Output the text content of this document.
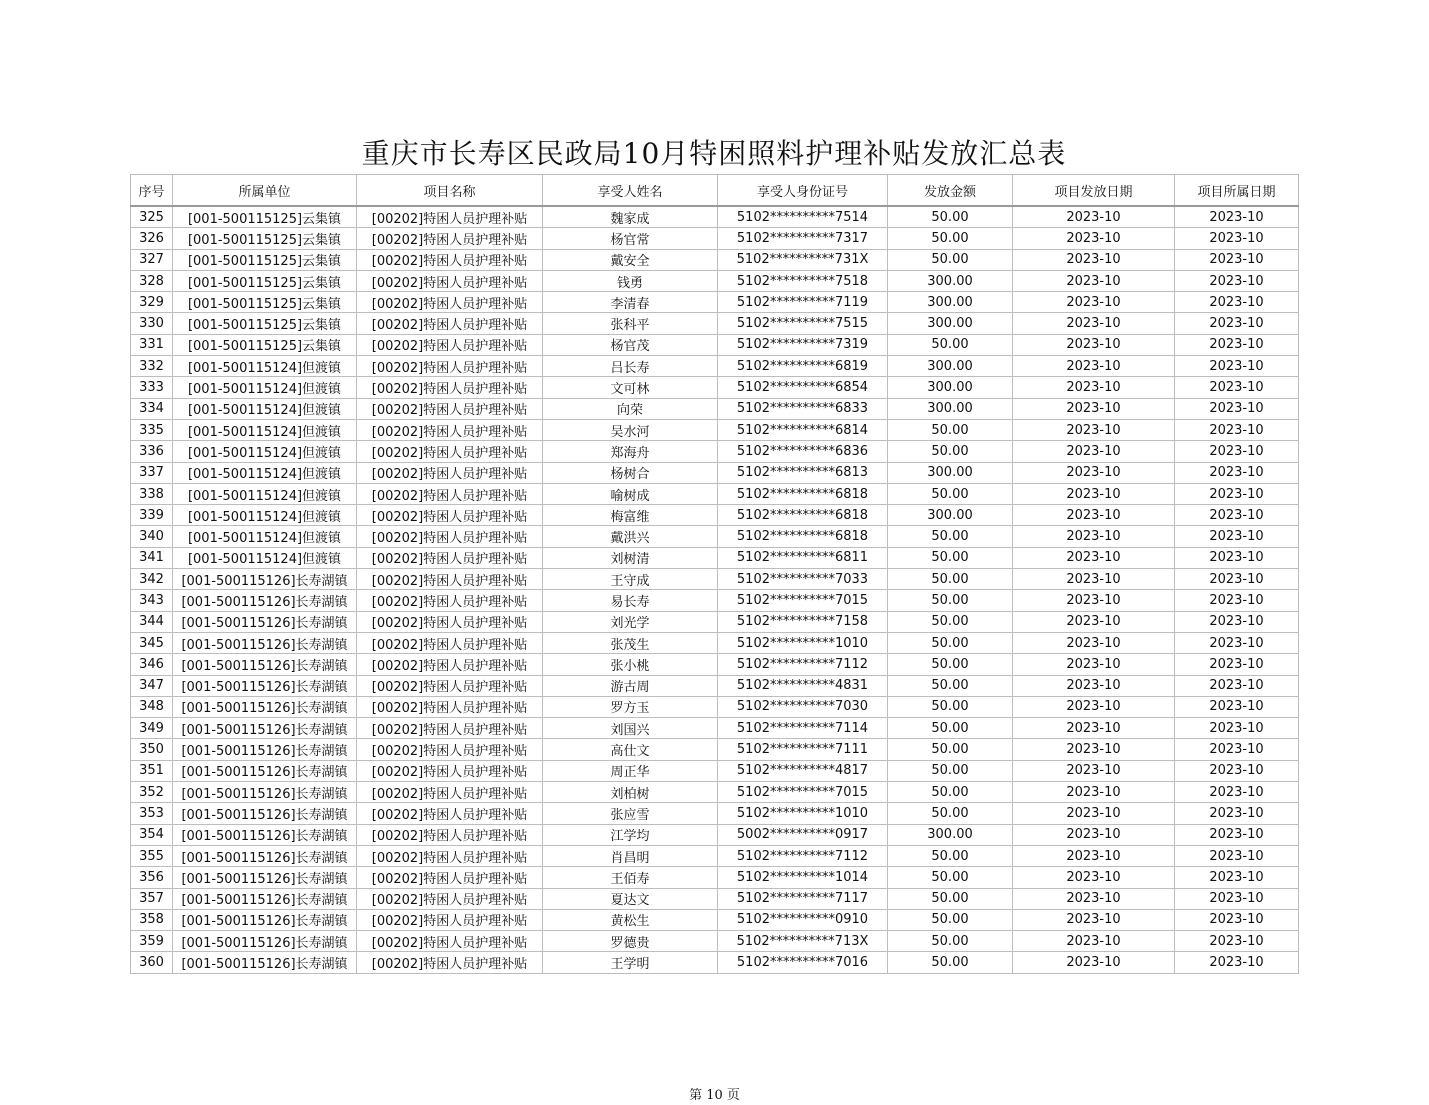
重庆市长寿区民政局10月特困照料护理补贴发放汇总表
序号	所属单位	项目名称	享受人姓名	享受人身份证号	发放金额	项目发放日期	项目所属日期
325	[001-500115125]云集镇	[00202]特困人员护理补贴	魏家成	5102**********7514	50.00	2023-10	2023-10
326	[001-500115125]云集镇	[00202]特困人员护理补贴	杨官常	5102**********7317	50.00	2023-10	2023-10
327	[001-500115125]云集镇	[00202]特困人员护理补贴	戴安全	5102**********731X	50.00	2023-10	2023-10
328	[001-500115125]云集镇	[00202]特困人员护理补贴	钱勇	5102**********7518	300.00	2023-10	2023-10
329	[001-500115125]云集镇	[00202]特困人员护理补贴	李清春	5102**********7119	300.00	2023-10	2023-10
330	[001-500115125]云集镇	[00202]特困人员护理补贴	张科平	5102**********7515	300.00	2023-10	2023-10
331	[001-500115125]云集镇	[00202]特困人员护理补贴	杨官茂	5102**********7319	50.00	2023-10	2023-10
332	[001-500115124]但渡镇	[00202]特困人员护理补贴	吕长寿	5102**********6819	300.00	2023-10	2023-10
333	[001-500115124]但渡镇	[00202]特困人员护理补贴	文可林	5102**********6854	300.00	2023-10	2023-10
334	[001-500115124]但渡镇	[00202]特困人员护理补贴	向荣	5102**********6833	300.00	2023-10	2023-10
335	[001-500115124]但渡镇	[00202]特困人员护理补贴	吴水河	5102**********6814	50.00	2023-10	2023-10
336	[001-500115124]但渡镇	[00202]特困人员护理补贴	郑海舟	5102**********6836	50.00	2023-10	2023-10
337	[001-500115124]但渡镇	[00202]特困人员护理补贴	杨树合	5102**********6813	300.00	2023-10	2023-10
338	[001-500115124]但渡镇	[00202]特困人员护理补贴	喻树成	5102**********6818	50.00	2023-10	2023-10
339	[001-500115124]但渡镇	[00202]特困人员护理补贴	梅富维	5102**********6818	300.00	2023-10	2023-10
340	[001-500115124]但渡镇	[00202]特困人员护理补贴	戴洪兴	5102**********6818	50.00	2023-10	2023-10
341	[001-500115124]但渡镇	[00202]特困人员护理补贴	刘树清	5102**********6811	50.00	2023-10	2023-10
342	[001-500115126]长寿湖镇	[00202]特困人员护理补贴	王守成	5102**********7033	50.00	2023-10	2023-10
343	[001-500115126]长寿湖镇	[00202]特困人员护理补贴	易长寿	5102**********7015	50.00	2023-10	2023-10
344	[001-500115126]长寿湖镇	[00202]特困人员护理补贴	刘光学	5102**********7158	50.00	2023-10	2023-10
345	[001-500115126]长寿湖镇	[00202]特困人员护理补贴	张茂生	5102**********1010	50.00	2023-10	2023-10
346	[001-500115126]长寿湖镇	[00202]特困人员护理补贴	张小桃	5102**********7112	50.00	2023-10	2023-10
347	[001-500115126]长寿湖镇	[00202]特困人员护理补贴	游古周	5102**********4831	50.00	2023-10	2023-10
348	[001-500115126]长寿湖镇	[00202]特困人员护理补贴	罗方玉	5102**********7030	50.00	2023-10	2023-10
349	[001-500115126]长寿湖镇	[00202]特困人员护理补贴	刘国兴	5102**********7114	50.00	2023-10	2023-10
350	[001-500115126]长寿湖镇	[00202]特困人员护理补贴	高仕文	5102**********7111	50.00	2023-10	2023-10
351	[001-500115126]长寿湖镇	[00202]特困人员护理补贴	周正华	5102**********4817	50.00	2023-10	2023-10
352	[001-500115126]长寿湖镇	[00202]特困人员护理补贴	刘柏树	5102**********7015	50.00	2023-10	2023-10
353	[001-500115126]长寿湖镇	[00202]特困人员护理补贴	张应雪	5102**********1010	50.00	2023-10	2023-10
354	[001-500115126]长寿湖镇	[00202]特困人员护理补贴	江学均	5002**********0917	300.00	2023-10	2023-10
355	[001-500115126]长寿湖镇	[00202]特困人员护理补贴	肖昌明	5102**********7112	50.00	2023-10	2023-10
356	[001-500115126]长寿湖镇	[00202]特困人员护理补贴	王佰寿	5102**********1014	50.00	2023-10	2023-10
357	[001-500115126]长寿湖镇	[00202]特困人员护理补贴	夏达文	5102**********7117	50.00	2023-10	2023-10
358	[001-500115126]长寿湖镇	[00202]特困人员护理补贴	黄松生	5102**********0910	50.00	2023-10	2023-10
359	[001-500115126]长寿湖镇	[00202]特困人员护理补贴	罗德贵	5102**********713X	50.00	2023-10	2023-10
360	[001-500115126]长寿湖镇	[00202]特困人员护理补贴	王学明	5102**********7016	50.00	2023-10	2023-10
第 10 页
